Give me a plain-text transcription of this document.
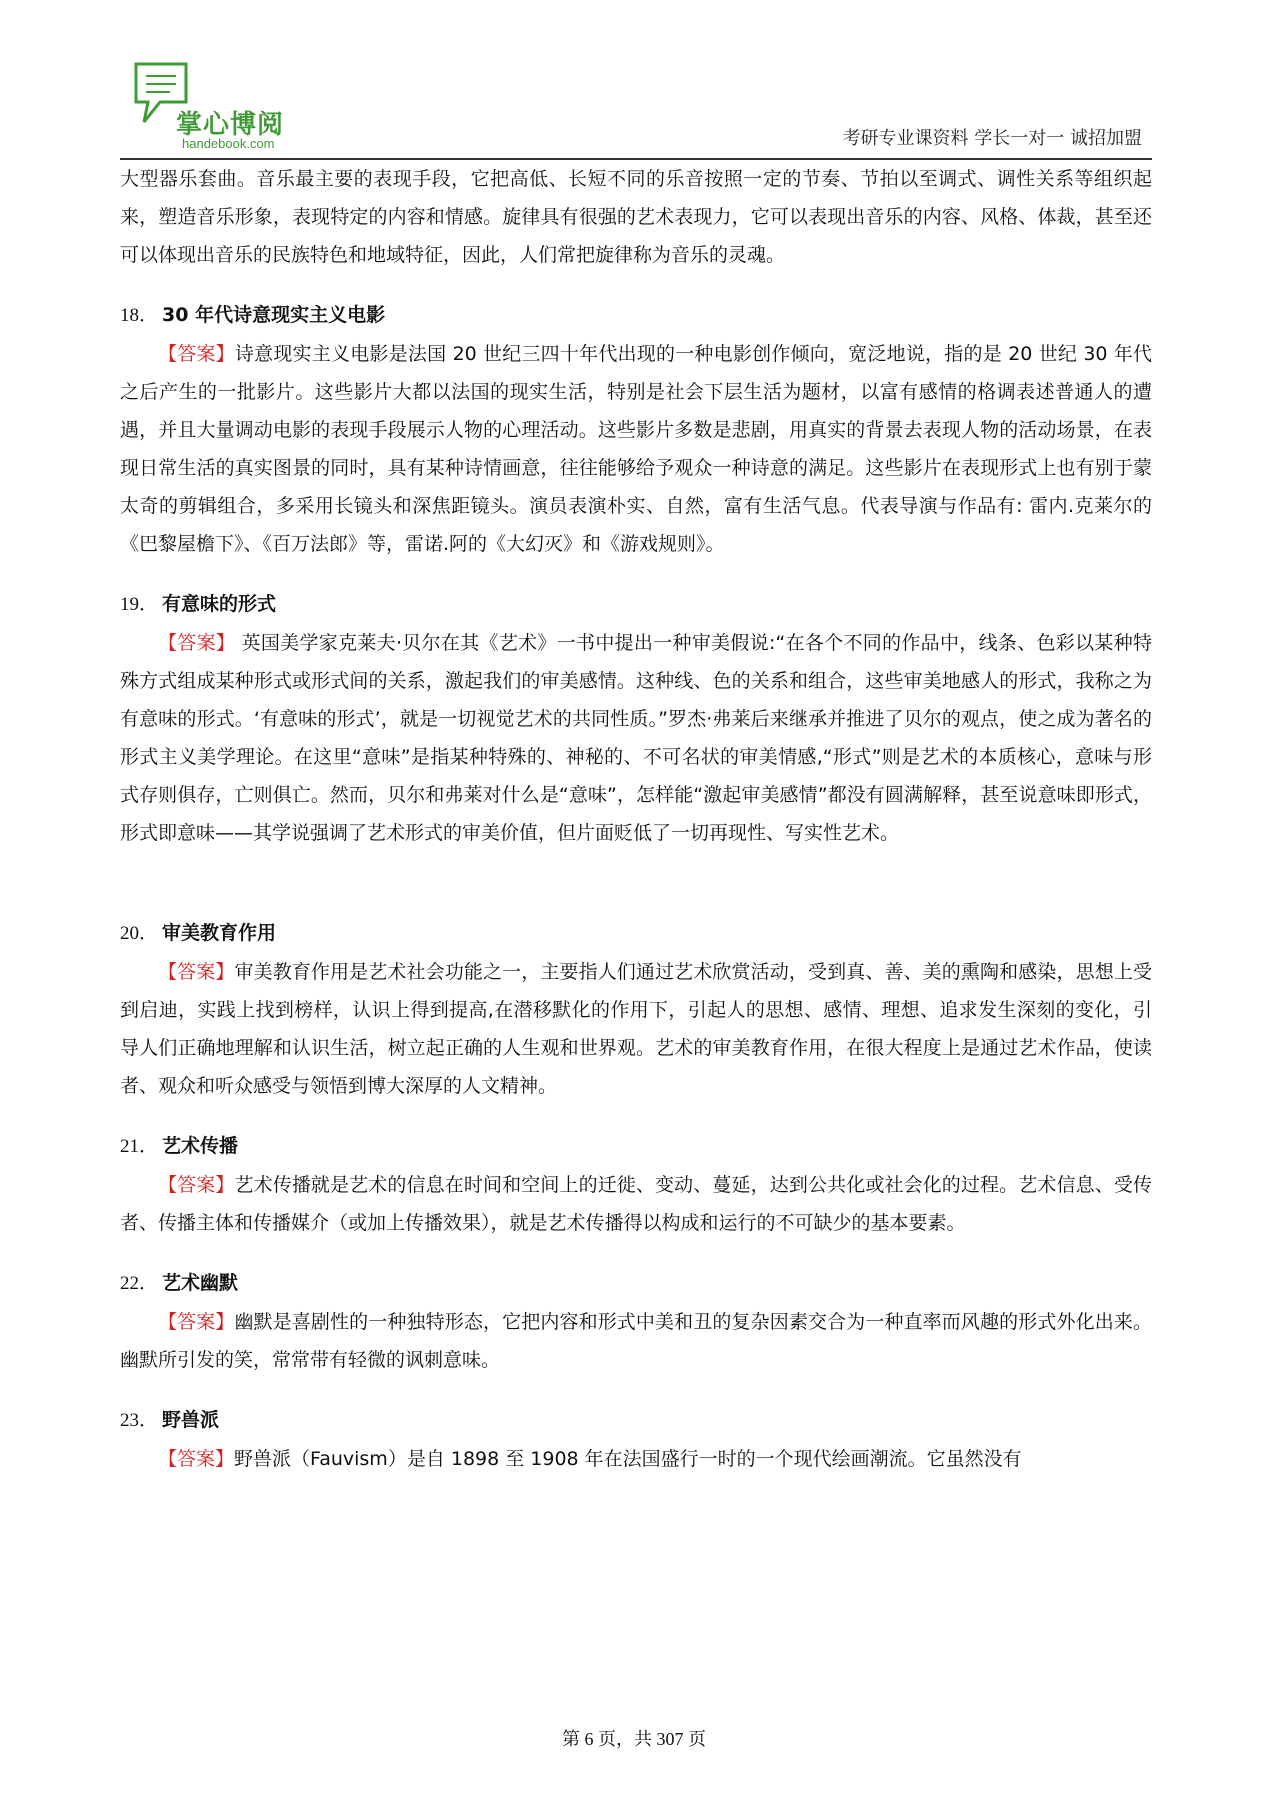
掌心博阅
handebook.com	考研专业课资料 学长一对一 诚招加盟

大型器乐套曲。音乐最主要的表现手段，它把高低、长短不同的乐音按照一定的节奏、节拍以至调式、调性关系等组织起来，塑造音乐形象，表现特定的内容和情感。旋律具有很强的艺术表现力，它可以表现出音乐的内容、风格、体裁，甚至还可以体现出音乐的民族特色和地域特征，因此，人们常把旋律称为音乐的灵魂。

18． 30 年代诗意现实主义电影

【答案】诗意现实主义电影是法国 20 世纪三四十年代出现的一种电影创作倾向，宽泛地说，指的是 20 世纪 30 年代之后产生的一批影片。这些影片大都以法国的现实生活，特别是社会下层生活为题材，以富有感情的格调表述普通人的遭遇，并且大量调动电影的表现手段展示人物的心理活动。这些影片多数是悲剧，用真实的背景去表现人物的活动场景，在表现日常生活的真实图景的同时，具有某种诗情画意，往往能够给予观众一种诗意的满足。这些影片在表现形式上也有别于蒙太奇的剪辑组合，多采用长镜头和深焦距镜头。演员表演朴实、自然，富有生活气息。代表导演与作品有: 雷内.克莱尔的《巴黎屋檐下》、《百万法郎》等，雷诺.阿的《大幻灭》和《游戏规则》。

19． 有意味的形式

【答案】 英国美学家克莱夫·贝尔在其《艺术》一书中提出一种审美假说:“在各个不同的作品中，线条、色彩以某种特殊方式组成某种形式或形式间的关系，激起我们的审美感情。这种线、色的关系和组合，这些审美地感人的形式，我称之为有意味的形式。‘有意味的形式’，就是一切视觉艺术的共同性质。”罗杰·弗莱后来继承并推进了贝尔的观点，使之成为著名的形式主义美学理论。在这里“意味”是指某种特殊的、神秘的、不可名状的审美情感,“形式”则是艺术的本质核心，意味与形式存则俱存，亡则俱亡。然而，贝尔和弗莱对什么是“意味”，怎样能“激起审美感情”都没有圆满解释，甚至说意味即形式，形式即意味——其学说强调了艺术形式的审美价值，但片面贬低了一切再现性、写实性艺术。

20． 审美教育作用

【答案】审美教育作用是艺术社会功能之一，主要指人们通过艺术欣赏活动，受到真、善、美的熏陶和感染，思想上受到启迪，实践上找到榜样，认识上得到提高,在潜移默化的作用下，引起人的思想、感情、理想、追求发生深刻的变化，引导人们正确地理解和认识生活，树立起正确的人生观和世界观。艺术的审美教育作用，在很大程度上是通过艺术作品，使读者、观众和听众感受与领悟到博大深厚的人文精神。

21． 艺术传播

【答案】艺术传播就是艺术的信息在时间和空间上的迁徙、变动、蔓延，达到公共化或社会化的过程。艺术信息、受传者、传播主体和传播媒介（或加上传播效果），就是艺术传播得以构成和运行的不可缺少的基本要素。

22． 艺术幽默

【答案】幽默是喜剧性的一种独特形态，它把内容和形式中美和丑的复杂因素交合为一种直率而风趣的形式外化出来。幽默所引发的笑，常常带有轻微的讽刺意味。

23． 野兽派

【答案】野兽派（Fauvism）是自 1898 至 1908 年在法国盛行一时的一个现代绘画潮流。它虽然没有

第 6 页，共 307 页
